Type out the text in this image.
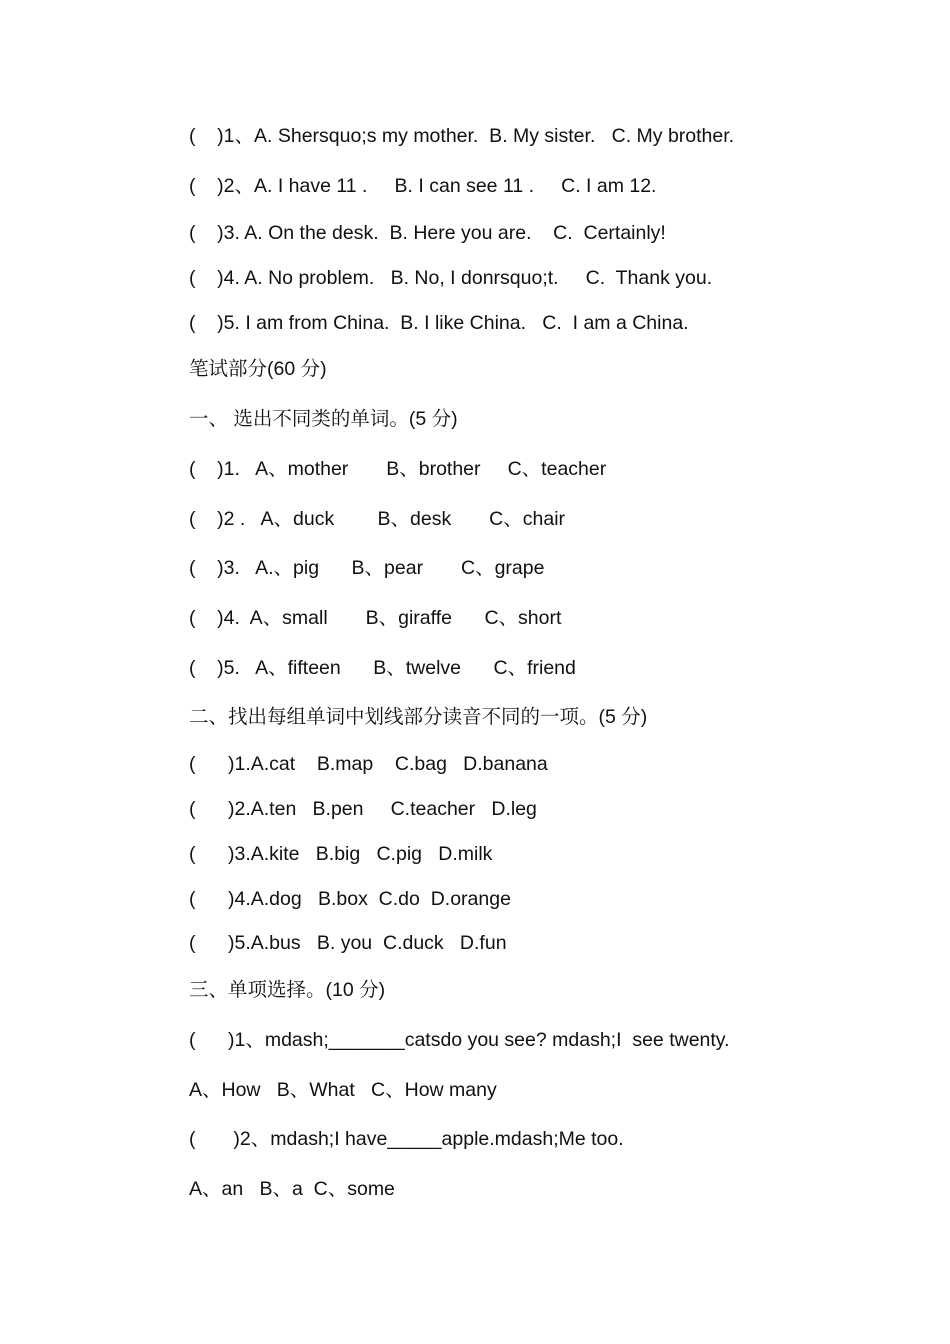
(    )1、A. Shersquo;s my mother.  B. My sister.   C. My brother.
(    )2、A. I have 11 .     B. I can see 11 .     C. I am 12.
(    )3. A. On the desk.  B. Here you are.    C.  Certainly!
(    )4. A. No problem.   B. No, I donrsquo;t.     C.  Thank you.
(    )5. I am from China.  B. I like China.   C.  I am a China.
笔试部分(60 分)
一、 选出不同类的单词。(5 分)
(    )1.   A、mother       B、brother     C、teacher
(    )2 .   A、duck        B、desk       C、chair
(    )3.   A.、pig      B、pear       C、grape
(    )4.  A、small       B、giraffe      C、short
(    )5.   A、fifteen      B、twelve      C、friend
二、找出每组单词中划线部分读音不同的一项。(5 分)
(      )1.A.cat    B.map    C.bag   D.banana
(      )2.A.ten   B.pen     C.teacher   D.leg
(      )3.A.kite   B.big   C.pig   D.milk
(      )4.A.dog   B.box  C.do  D.orange
(      )5.A.bus   B. you  C.duck   D.fun
三、单项选择。(10 分)
(      )1、mdash;_______catsdo you see? mdash;I  see twenty.
A、How   B、What   C、How many
(       )2、mdash;I have_____apple.mdash;Me too.
A、an   B、a  C、some
